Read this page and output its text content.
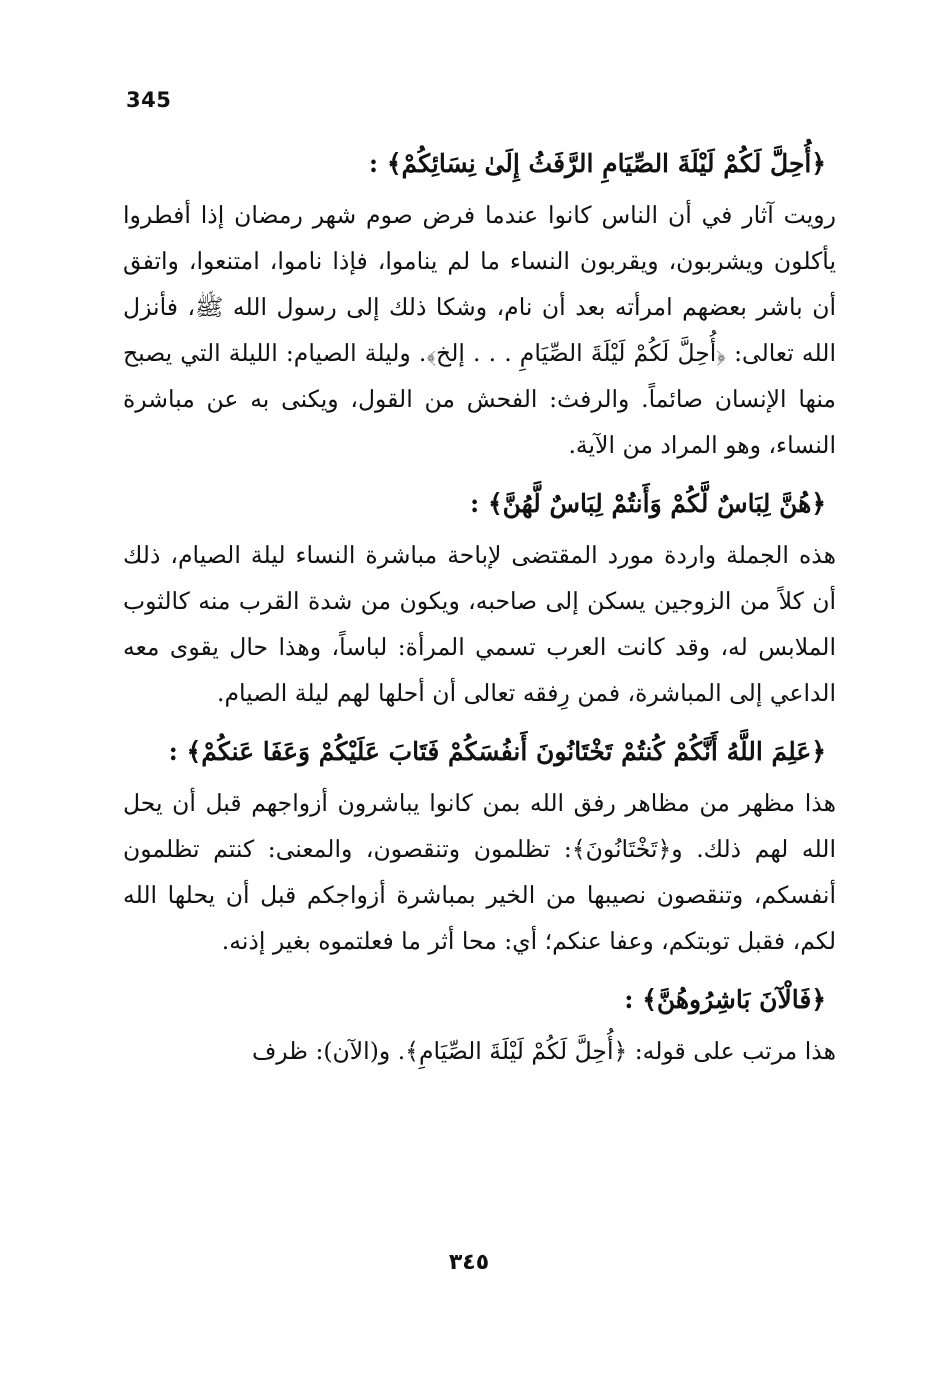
345
﴿أُحِلَّ لَكُمْ لَيْلَةَ الصِّيَامِ الرَّفَثُ إِلَىٰ نِسَائِكُمْ﴾ :

رويت آثار في أن الناس كانوا عندما فرض صوم شهر رمضان إذا أفطروا يأكلون ويشربون، ويقربون النساء ما لم يناموا، فإذا ناموا، امتنعوا، واتفق أن باشر بعضهم امرأته بعد أن نام، وشكا ذلك إلى رسول الله ﷺ، فأنزل الله تعالى: ﴿أُحِلَّ لَكُمْ لَيْلَةَ الصِّيَامِ . . . إلخ﴾. وليلة الصيام: الليلة التي يصبح منها الإنسان صائماً. والرفث: الفحش من القول، ويكنى به عن مباشرة النساء، وهو المراد من الآية.

﴿هُنَّ لِبَاسٌ لَّكُمْ وَأَنتُمْ لِبَاسٌ لَّهُنَّ﴾ :

هذه الجملة واردة مورد المقتضى لإباحة مباشرة النساء ليلة الصيام، ذلك أن كلاً من الزوجين يسكن إلى صاحبه، ويكون من شدة القرب منه كالثوب الملابس له، وقد كانت العرب تسمي المرأة: لباساً، وهذا حال يقوى معه الداعي إلى المباشرة، فمن رِفقه تعالى أن أحلها لهم ليلة الصيام.

﴿عَلِمَ اللَّهُ أَنَّكُمْ كُنتُمْ تَخْتَانُونَ أَنفُسَكُمْ فَتَابَ عَلَيْكُمْ وَعَفَا عَنكُمْ﴾ :

هذا مظهر من مظاهر رفق الله بمن كانوا يباشرون أزواجهم قبل أن يحل الله لهم ذلك. و﴿تَخْتَانُونَ﴾: تظلمون وتنقصون، والمعنى: كنتم تظلمون أنفسكم، وتنقصون نصيبها من الخير بمباشرة أزواجكم قبل أن يحلها الله لكم، فقبل توبتكم، وعفا عنكم؛ أي: محا أثر ما فعلتموه بغير إذنه.

﴿فَالْآنَ بَاشِرُوهُنَّ﴾ :

هذا مرتب على قوله: ﴿أُحِلَّ لَكُمْ لَيْلَةَ الصِّيَامِ﴾. و(الآن): ظرف

٣٤٥
